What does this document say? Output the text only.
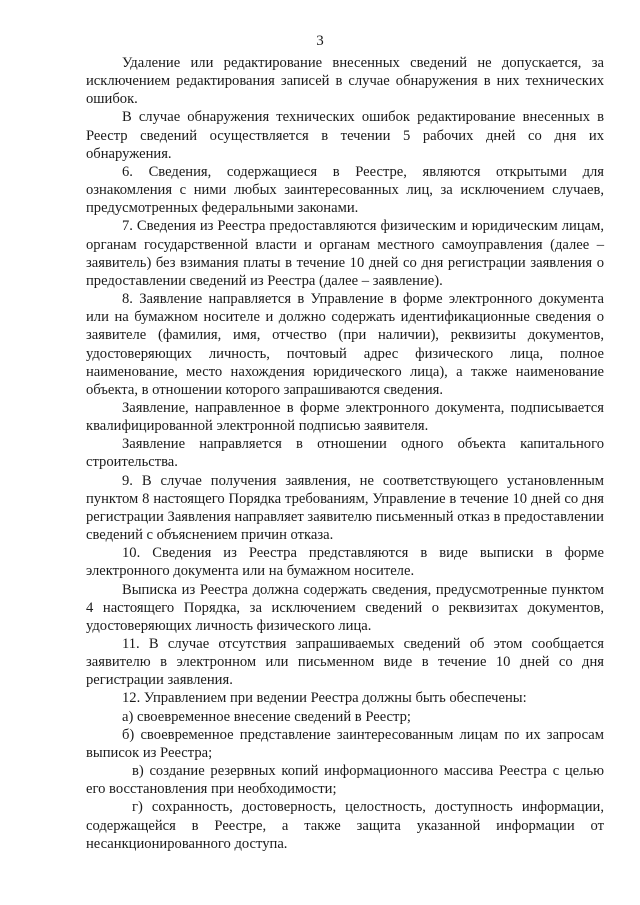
3

Удаление или редактирование внесенных сведений не допускается, за исключением редактирования записей в случае обнаружения в них технических ошибок.

В случае обнаружения технических ошибок редактирование внесенных в Реестр сведений осуществляется в течении 5 рабочих дней со дня их обнаружения.

6. Сведения, содержащиеся в Реестре, являются открытыми для ознакомления с ними любых заинтересованных лиц, за исключением случаев, предусмотренных федеральными законами.

7. Сведения из Реестра предоставляются физическим и юридическим лицам, органам государственной власти и органам местного самоуправления (далее – заявитель) без взимания платы в течение 10 дней со дня регистрации заявления о предоставлении сведений из Реестра (далее – заявление).

8. Заявление направляется в Управление в форме электронного документа или на бумажном носителе и должно содержать идентификационные сведения о заявителе (фамилия, имя, отчество (при наличии), реквизиты документов, удостоверяющих личность, почтовый адрес физического лица, полное наименование, место нахождения юридического лица), а также наименование объекта, в отношении которого запрашиваются сведения.

Заявление, направленное в форме электронного документа, подписывается квалифицированной электронной подписью заявителя.

Заявление направляется в отношении одного объекта капитального строительства.

9. В случае получения заявления, не соответствующего установленным пунктом 8 настоящего Порядка требованиям, Управление в течение 10 дней со дня регистрации Заявления направляет заявителю письменный отказ в предоставлении сведений с объяснением причин отказа.

10. Сведения из Реестра представляются в виде выписки в форме электронного документа или на бумажном носителе.

Выписка из Реестра должна содержать сведения, предусмотренные пунктом 4 настоящего Порядка, за исключением сведений о реквизитах документов, удостоверяющих личность физического лица.

11. В случае отсутствия запрашиваемых сведений об этом сообщается заявителю в электронном или письменном виде в течение 10 дней со дня регистрации заявления.

12. Управлением при ведении Реестра должны быть обеспечены:

а) своевременное внесение сведений в Реестр;

б) своевременное представление заинтересованным лицам по их запросам выписок из Реестра;

в) создание резервных копий информационного массива Реестра с целью его восстановления при необходимости;

г) сохранность, достоверность, целостность, доступность информации, содержащейся в Реестре, а также защита указанной информации от несанкционированного доступа.
